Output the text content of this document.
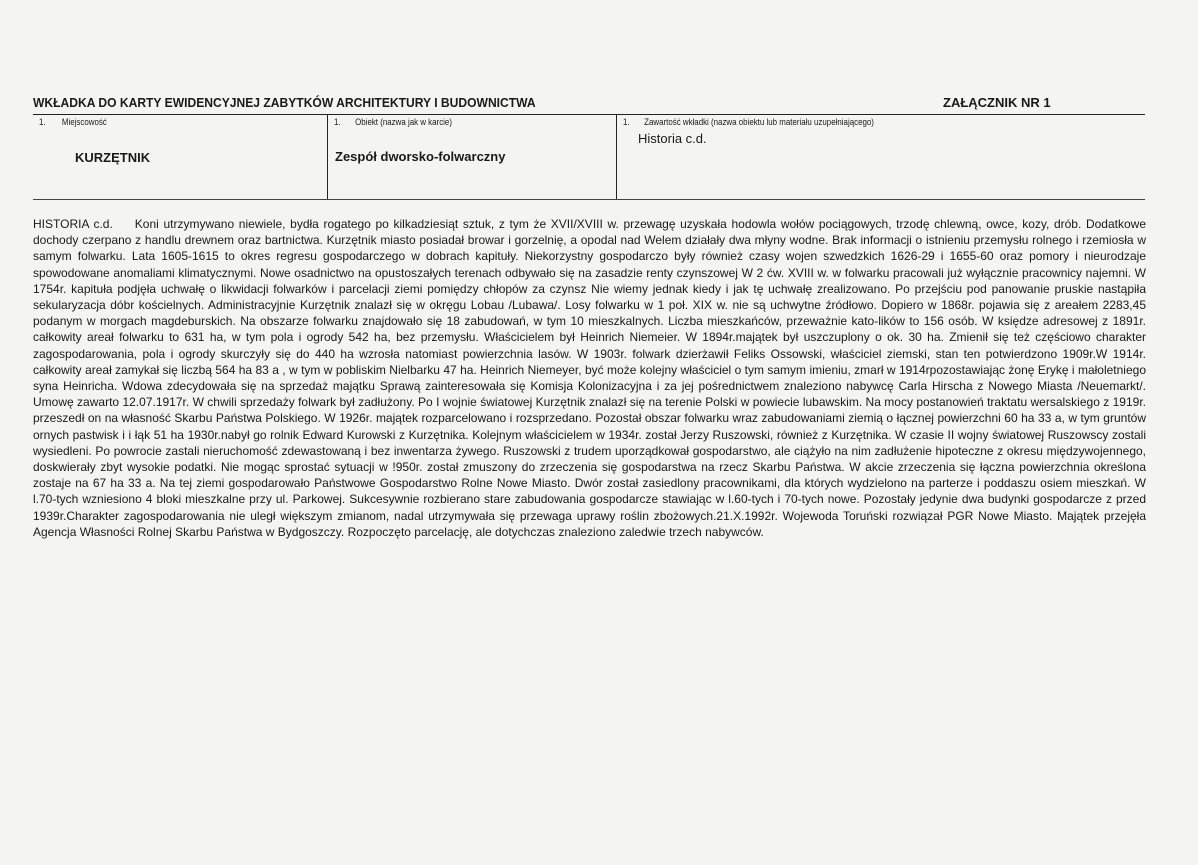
WKŁADKA DO KARTY EWIDENCYJNEJ ZABYTKÓW ARCHITEKTURY I BUDOWNICTWA	ZAŁĄCZNIK NR 1
1. Miejscowość
KURZĘTNIK
1. Obiekt (nazwa jak w karcie)
Zespół dworsko-folwarczny
1. Zawartość wkładki (nazwa obiektu lub materiału uzupełniającego)
Historia c.d.
HISTORIA c.d. Koni utrzymywano niewiele, bydła rogatego po kilkadziesiąt sztuk, z tym że XVII/XVIII w. przewagę uzyskała hodowla wołów pociągowych, trzodę chlewną, owce, kozy, drób. Dodatkowe dochody czerpano z handlu drewnem oraz bartnictwa. Kurzętnik miasto posiadał browar i gorzelnię, a opodal nad Welem działały dwa młyny wodne. Brak informacji o istnieniu przemysłu rolnego i rzemiosła w samym folwarku. Lata 1605-1615 to okres regresu gospodarczego w dobrach kapituły. Niekorzystny gospodarczo były również czasy wojen szwedzkich 1626-29 i 1655-60 oraz pomory i nieurodzaje spowodowane anomaliami klimatycznymi. Nowe osadnictwo na opustoszałych terenach odbywało się na zasadzie renty czynszowej W 2 ćw. XVIII w. w folwarku pracowali już wyłącznie pracownicy najemni. W 1754r. kapituła podjęła uchwałę o likwidacji folwarków i parcelacji ziemi pomiędzy chłopów za czynsz Nie wiemy jednak kiedy i jak tę uchwałę zrealizowano. Po przejściu pod panowanie pruskie nastąpiła sekularyzacja dóbr kościelnych. Administracyjnie Kurzętnik znalazł się w okręgu Lobau /Lubawa/. Losy folwarku w 1 poł. XIX w. nie są uchwytne źródłowo. Dopiero w 1868r. pojawia się z areałem 2283,45 podanym w morgach magdeburskich. Na obszarze folwarku znajdowało się 18 zabudowań, w tym 10 mieszkalnych. Liczba mieszkańców, przeważnie kato-lików to 156 osób. W księdze adresowej z 1891r. całkowity areał folwarku to 631 ha, w tym pola i ogrody 542 ha, bez przemysłu. Właścicielem był Heinrich Niemeier. W 1894r.majątek był uszczuplony o ok. 30 ha. Zmienił się też częściowo charakter zagospodarowania, pola i ogrody skurczyły się do 440 ha wzrosła natomiast powierzchnia lasów. W 1903r. folwark dzierżawił Feliks Ossowski, właściciel ziemski, stan ten potwierdzono 1909r.W 1914r. całkowity areał zamykał się liczbą 564 ha 83 a , w tym w pobliskim Nielbarku 47 ha. Heinrich Niemeyer, być może kolejny właściciel o tym samym imieniu, zmarł w 1914rpozostawiając żonę Erykę i małoletniego syna Heinricha. Wdowa zdecydowała się na sprzedaż majątku Sprawą zainteresowała się Komisja Kolonizacyjna i za jej pośrednictwem znaleziono nabywcę Carla Hirscha z Nowego Miasta /Neuemarkt/. Umowę zawarto 12.07.1917r. W chwili sprzedaży folwark był zadłużony. Po I wojnie światowej Kurzętnik znalazł się na terenie Polski w powiecie lubawskim. Na mocy postanowień traktatu wersalskiego z 1919r. przeszedł on na własność Skarbu Państwa Polskiego. W 1926r. majątek rozparcelowano i rozsprzedano. Pozostał obszar folwarku wraz zabudowaniami ziemią o łącznej powierzchni 60 ha 33 a, w tym gruntów ornych pastwisk i i łąk 51 ha 1930r.nabył go rolnik Edward Kurowski z Kurzętnika. Kolejnym właścicielem w 1934r. został Jerzy Ruszowski, również z Kurzętnika. W czasie II wojny światowej Ruszowscy zostali wysiedleni. Po powrocie zastali nieruchomość zdewastowaną i bez inwentarza żywego. Ruszowski z trudem uporządkował gospodarstwo, ale ciążyło na nim zadłużenie hipoteczne z okresu międzywojennego, doskwierały zbyt wysokie podatki. Nie mogąc sprostać sytuacji w !950r. został zmuszony do zrzeczenia się gospodarstwa na rzecz Skarbu Państwa. W akcie zrzeczenia się łączna powierzchnia określona zostaje na 67 ha 33 a. Na tej ziemi gospodarowało Państwowe Gospodarstwo Rolne Nowe Miasto. Dwór został zasiedlony pracownikami, dla których wydzielono na parterze i poddaszu osiem mieszkań. W l.70-tych wzniesiono 4 bloki mieszkalne przy ul. Parkowej. Sukcesywnie rozbierano stare zabudowania gospodarcze stawiając w l.60-tych i 70-tych nowe. Pozostały jedynie dwa budynki gospodarcze z przed 1939r.Charakter zagospodarowania nie uległ większym zmianom, nadal utrzymywała się przewaga uprawy roślin zbożowych.21.X.1992r. Wojewoda Toruński rozwiązał PGR Nowe Miasto. Majątek przejęła Agencja Własności Rolnej Skarbu Państwa w Bydgoszczy. Rozpoczęto parcelację, ale dotychczas znaleziono zaledwie trzech nabywców.
